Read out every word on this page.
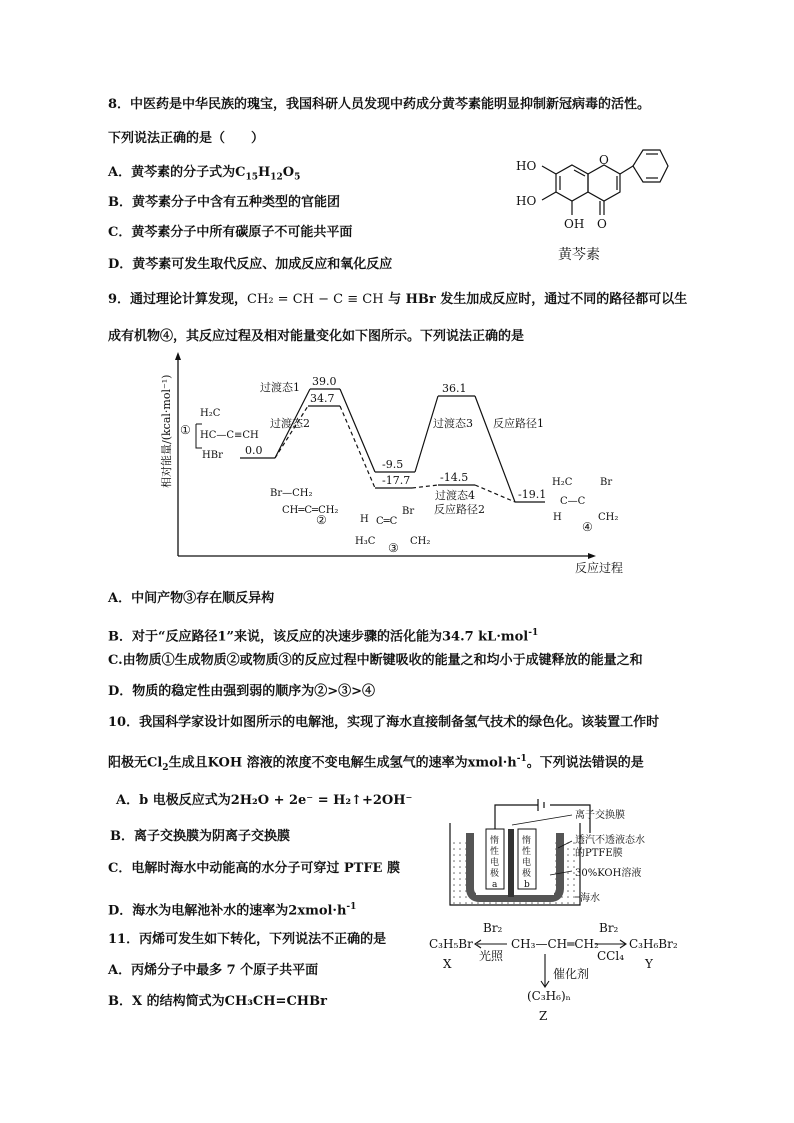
8．中医药是中华民族的瑰宝，我国科研人员发现中药成分黄芩素能明显抑制新冠病毒的活性。
下列说法正确的是（　　）
A．黄芩素的分子式为$C_{15}H_{12}O_5$
B．黄芩素分子中含有五种类型的官能团
C．黄芩素分子中所有碳原子不可能共平面
D．黄芩素可发生取代反应、加成反应和氧化反应
HO
HO
OH O
O
黄芩素
9．通过理论计算发现，CH₂ = CH − C ≡ CH 与 HBr 发生加成反应时，通过不同的路径都可以生
成有机物④，其反应过程及相对能量变化如下图所示。下列说法正确的是
相对能量/(kcal·mol⁻¹)
反应过程
0.0
39.0
34.7
-9.5
-17.7
36.1
-14.5
-19.1
过渡态1
过渡态2	过渡态3 反应路径1
过渡态4
反应路径2
①
②
③
④
H₂C
HC—C≡CH
HBr
Br—CH₂
CH═C═CH₂
H
Br
C═C
H₃C	CH₂
H₂C	Br
C—C
H	CH₂
A．中间产物③存在顺反异构
B．对于“反应路径1”来说，该反应的决速步骤的活化能为34.7 kL·mol$^{-1}$
C.由物质①生成物质②或物质③的反应过程中断键吸收的能量之和均小于成键释放的能量之和
D．物质的稳定性由强到弱的顺序为②>③>④
10．我国科学家设计如图所示的电解池，实现了海水直接制备氢气技术的绿色化。该装置工作时
阳极无$Cl_2$生成且KOH 溶液的浓度不变电解生成氢气的速率为$xmol\cdot h^{-1}$。下列说法错误的是
A．b 电极反应式为2H₂O + 2e⁻ = H₂↑+2OH⁻
B．离子交换膜为阴离子交换膜
C．电解时海水中动能高的水分子可穿过 PTFE 膜
D．海水为电解池补水的速率为$2xmol\cdot h^{-1}$
惰
性
电
极
a
惰
性
电
极
b
离子交换膜
透汽不透液态水
的PTFE膜
30%KOH溶液
海水
11．丙烯可发生如下转化，下列说法不正确的是
A．丙烯分子中最多 7 个原子共平面
B．X 的结构简式为CH₃CH=CHBr
C₃H₅Br
X
Br₂
光照
CH₃—CH═CH₂
Br₂
CCl₄
C₃H₆Br₂
Y
催化剂
(C₃H₆)ₙ
Z
